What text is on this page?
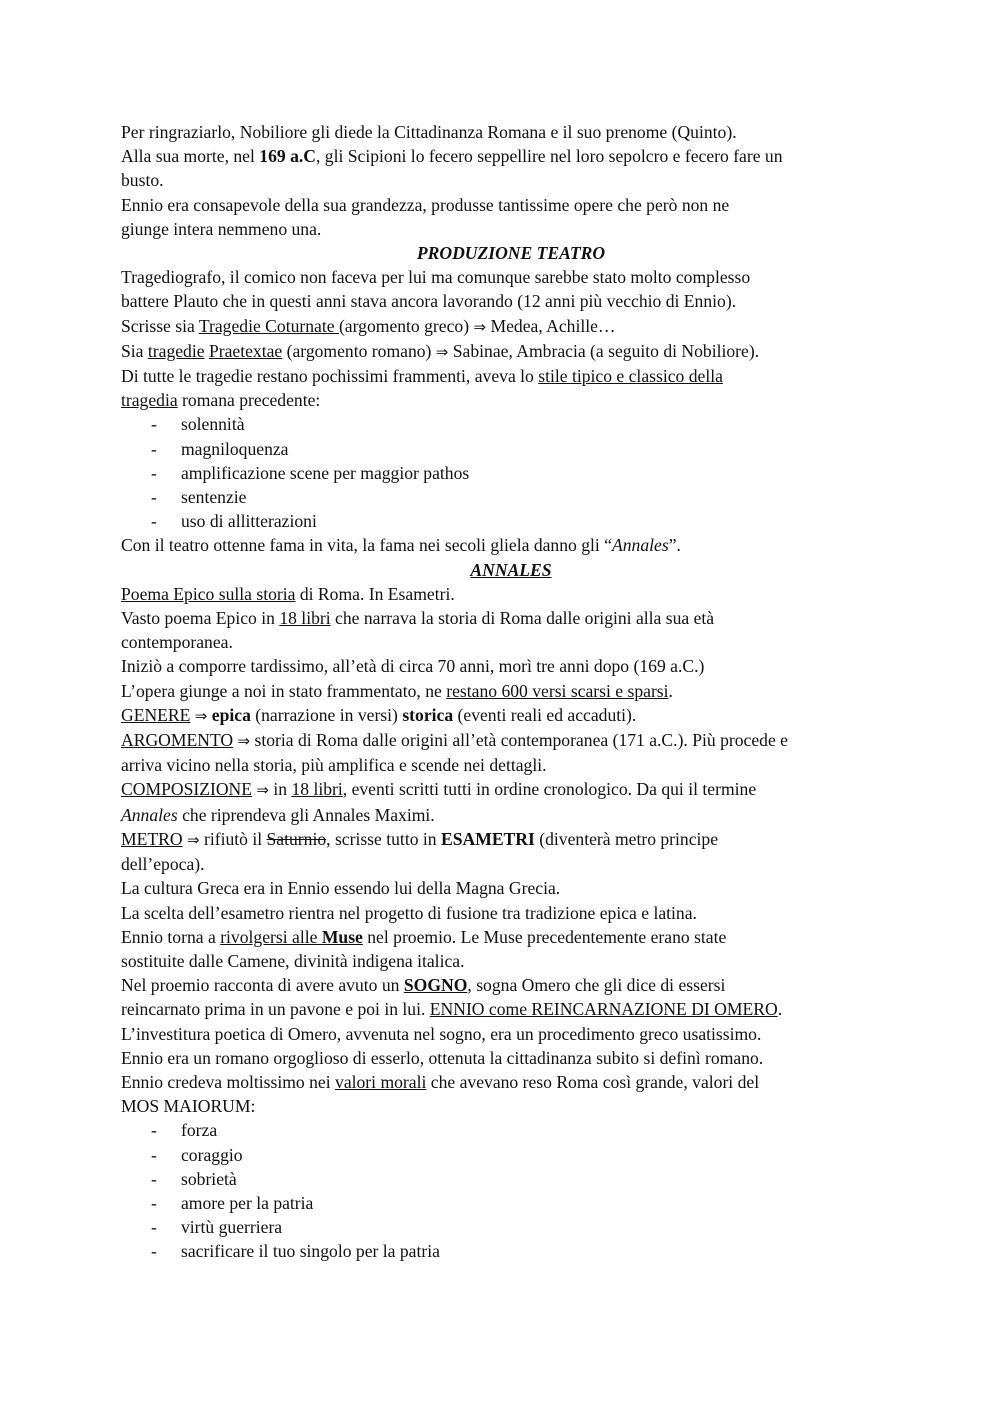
Per ringraziarlo, Nobiliore gli diede la Cittadinanza Romana e il suo prenome (Quinto).
Alla sua morte, nel 169 a.C, gli Scipioni lo fecero seppellire nel loro sepolcro e fecero fare un
busto.
Ennio era consapevole della sua grandezza, produsse tantissime opere che però non ne
giunge intera nemmeno una.
PRODUZIONE TEATRO
Tragediografo, il comico non faceva per lui ma comunque sarebbe stato molto complesso
battere Plauto che in questi anni stava ancora lavorando (12 anni più vecchio di Ennio).
Scrisse sia Tragedie Coturnate (argomento greco) ⇒ Medea, Achille…
Sia tragedie Praetextae (argomento romano) ⇒ Sabinae, Ambracia (a seguito di Nobiliore).
Di tutte le tragedie restano pochissimi frammenti, aveva lo stile tipico e classico della
tragedia romana precedente:
- solennità
- magniloquenza
- amplificazione scene per maggior pathos
- sentenzie
- uso di allitterazioni
Con il teatro ottenne fama in vita, la fama nei secoli gliela danno gli “Annales”.
ANNALES
Poema Epico sulla storia di Roma. In Esametri.
Vasto poema Epico in 18 libri che narrava la storia di Roma dalle origini alla sua età
contemporanea.
Iniziò a comporre tardissimo, all’età di circa 70 anni, morì tre anni dopo (169 a.C.)
L’opera giunge a noi in stato frammentato, ne restano 600 versi scarsi e sparsi.
GENERE ⇒ epica (narrazione in versi) storica (eventi reali ed accaduti).
ARGOMENTO ⇒ storia di Roma dalle origini all’età contemporanea (171 a.C.). Più procede e
arriva vicino nella storia, più amplifica e scende nei dettagli.
COMPOSIZIONE ⇒ in 18 libri, eventi scritti tutti in ordine cronologico. Da qui il termine
Annales che riprendeva gli Annales Maximi.
METRO ⇒ rifiutò il Saturnio, scrisse tutto in ESAMETRI (diventerà metro principe
dell’epoca).
La cultura Greca era in Ennio essendo lui della Magna Grecia.
La scelta dell’esametro rientra nel progetto di fusione tra tradizione epica e latina.
Ennio torna a rivolgersi alle Muse nel proemio. Le Muse precedentemente erano state
sostituite dalle Camene, divinità indigena italica.
Nel proemio racconta di avere avuto un SOGNO, sogna Omero che gli dice di essersi
reincarnato prima in un pavone e poi in lui. ENNIO come REINCARNAZIONE DI OMERO.
L’investitura poetica di Omero, avvenuta nel sogno, era un procedimento greco usatissimo.
Ennio era un romano orgoglioso di esserlo, ottenuta la cittadinanza subito si definì romano.
Ennio credeva moltissimo nei valori morali che avevano reso Roma così grande, valori del
MOS MAIORUM:
- forza
- coraggio
- sobrietà
- amore per la patria
- virtù guerriera
- sacrificare il tuo singolo per la patria
